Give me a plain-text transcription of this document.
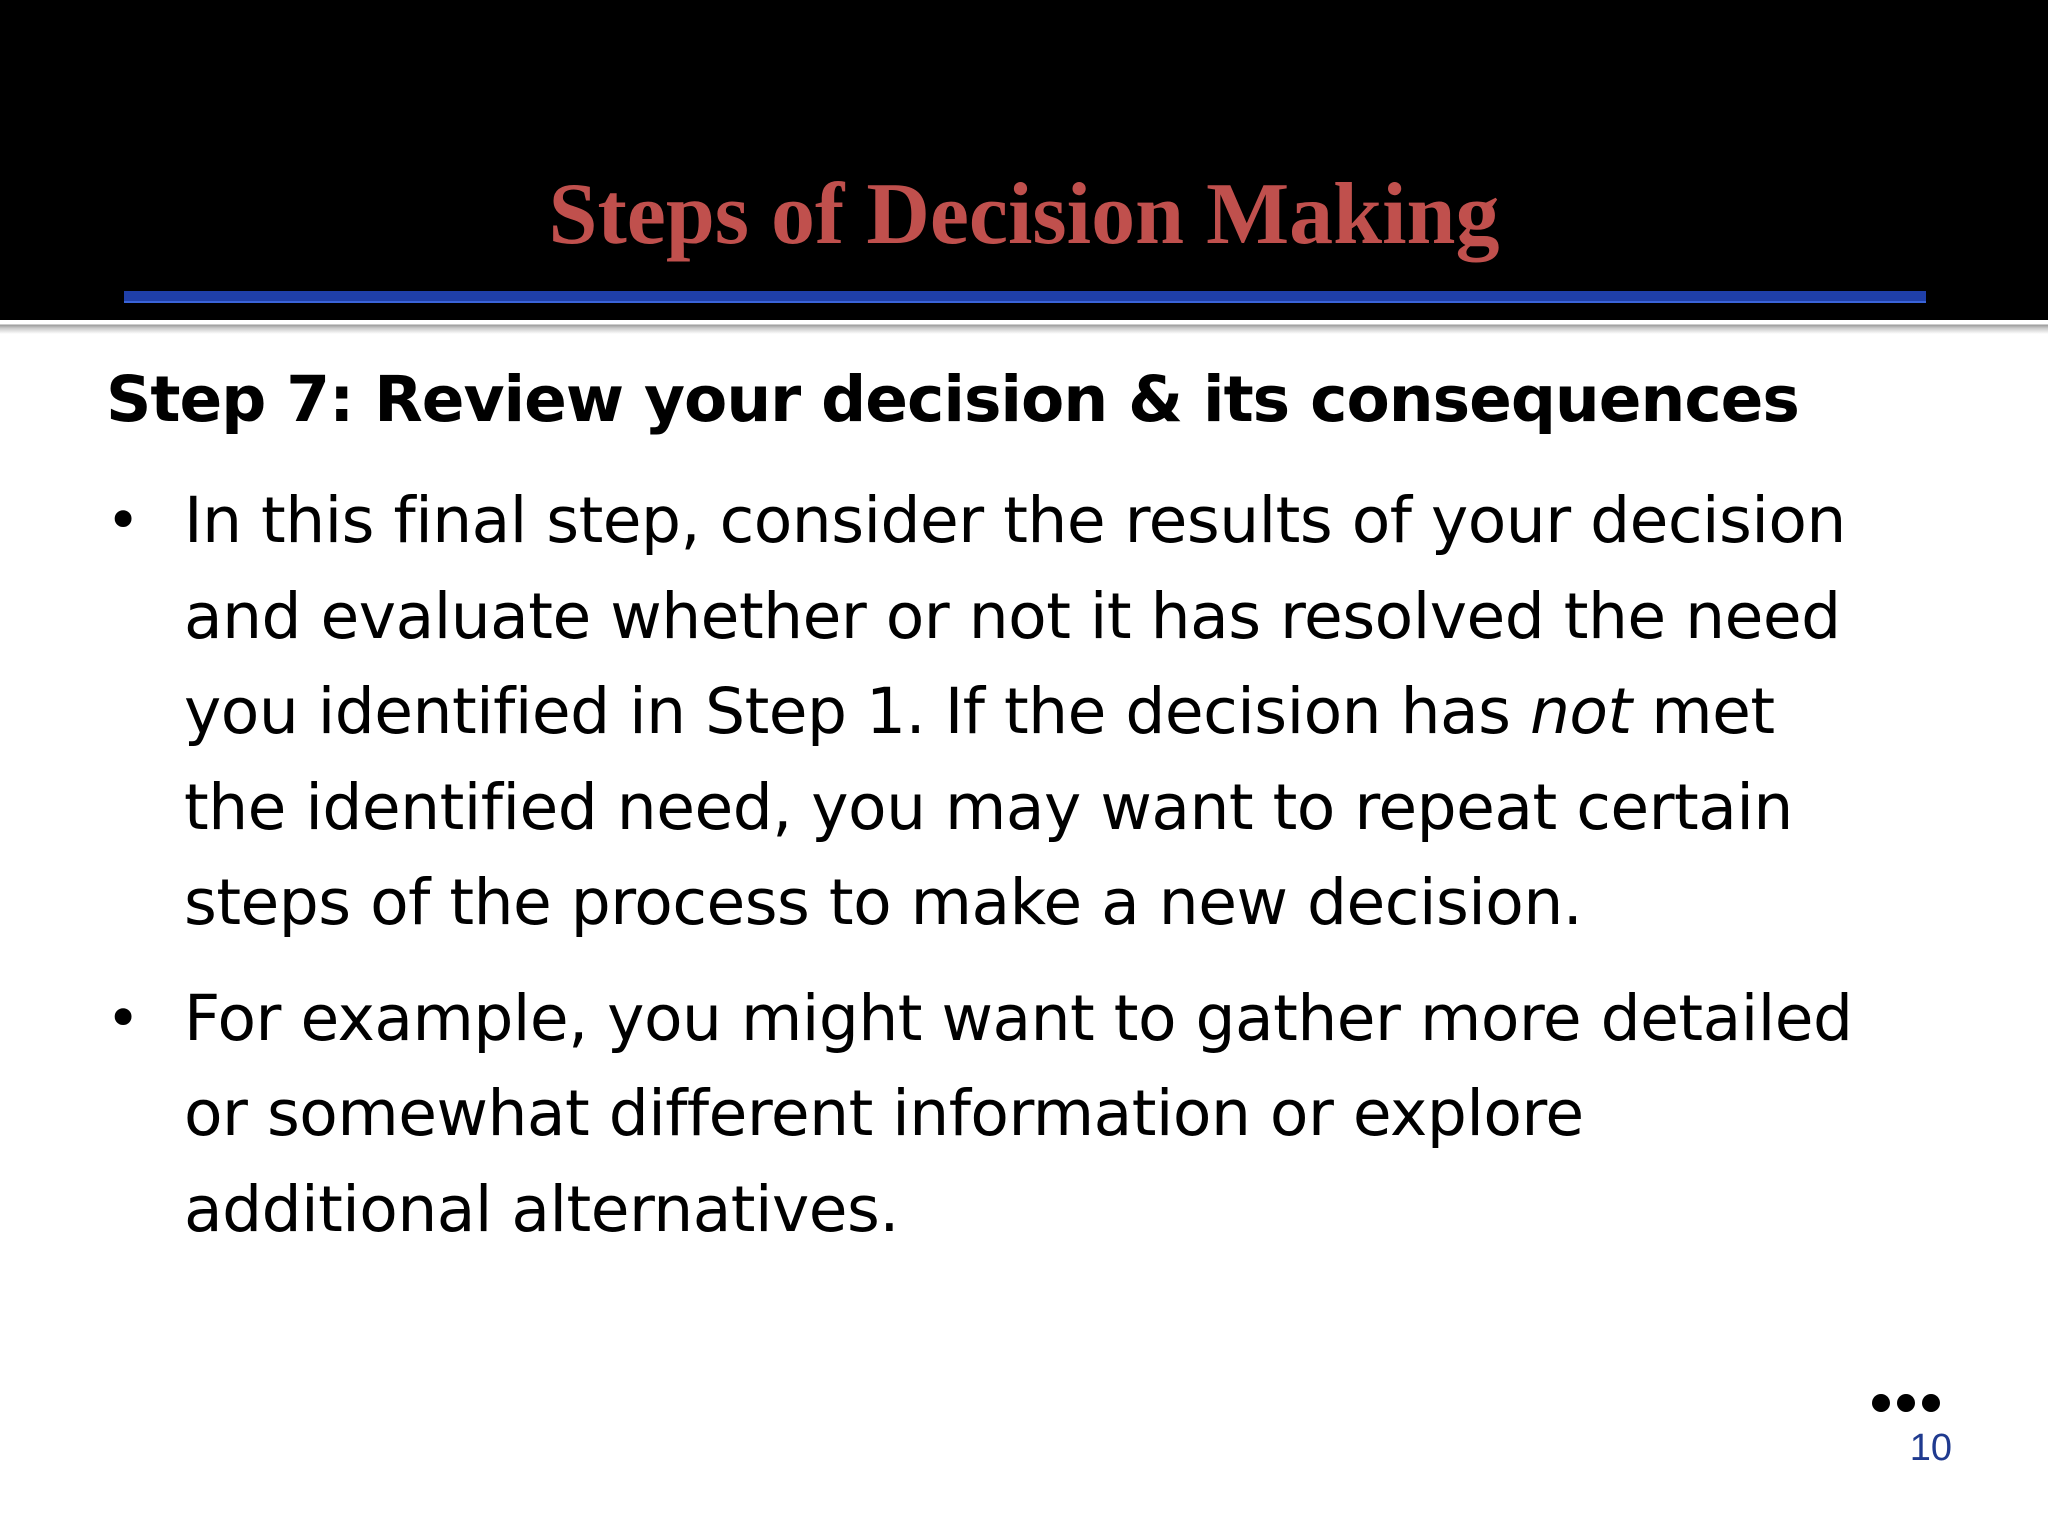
Steps of Decision Making
Step 7: Review your decision & its consequences
• In this final step, consider the results of your decision and evaluate whether or not it has resolved the need you identified in Step 1. If the decision has not met the identified need, you may want to repeat certain steps of the process to make a new decision.
• For example, you might want to gather more detailed or somewhat different information or explore additional alternatives.
10
